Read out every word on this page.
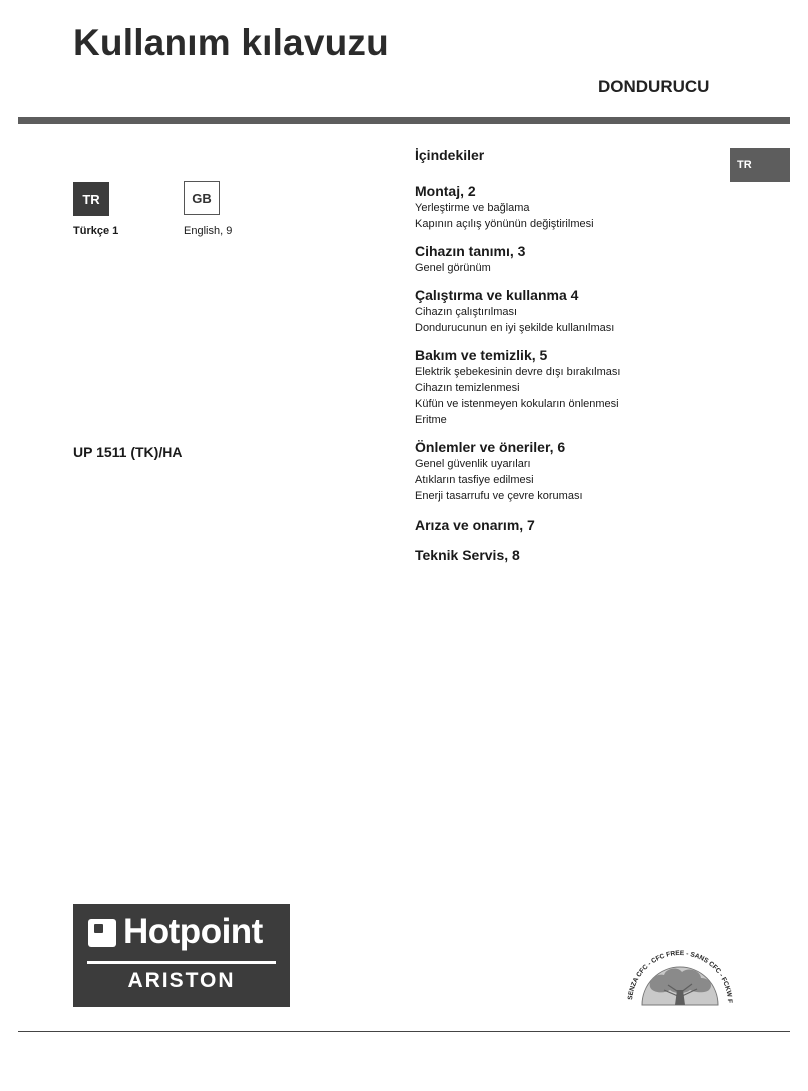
Kullanım kılavuzu
DONDURUCU
TR	GB
Türkçe 1	English, 9
UP 1511 (TK)/HA
TR
İçindekiler
Montaj, 2
Yerleştirme ve bağlama
Kapının açılış yönünün değiştirilmesi
Cihazın tanımı, 3
Genel görünüm
Çalıştırma ve kullanma 4
Cihazın çalıştırılması
Dondurucunun en iyi şekilde kullanılması
Bakım ve temizlik, 5
Elektrik şebekesinin devre dışı bırakılması
Cihazın temizlenmesi
Küfün ve istenmeyen kokuların önlenmesi
Eritme
Önlemler ve öneriler, 6
Genel güvenlik uyarıları
Atıkların tasfiye edilmesi
Enerji tasarrufu ve çevre koruması
Arıza ve onarım, 7
Teknik Servis, 8
Hotpoint
ARISTON
SENZA CFC - CFC FREE - SANS CFC - FCKW F
